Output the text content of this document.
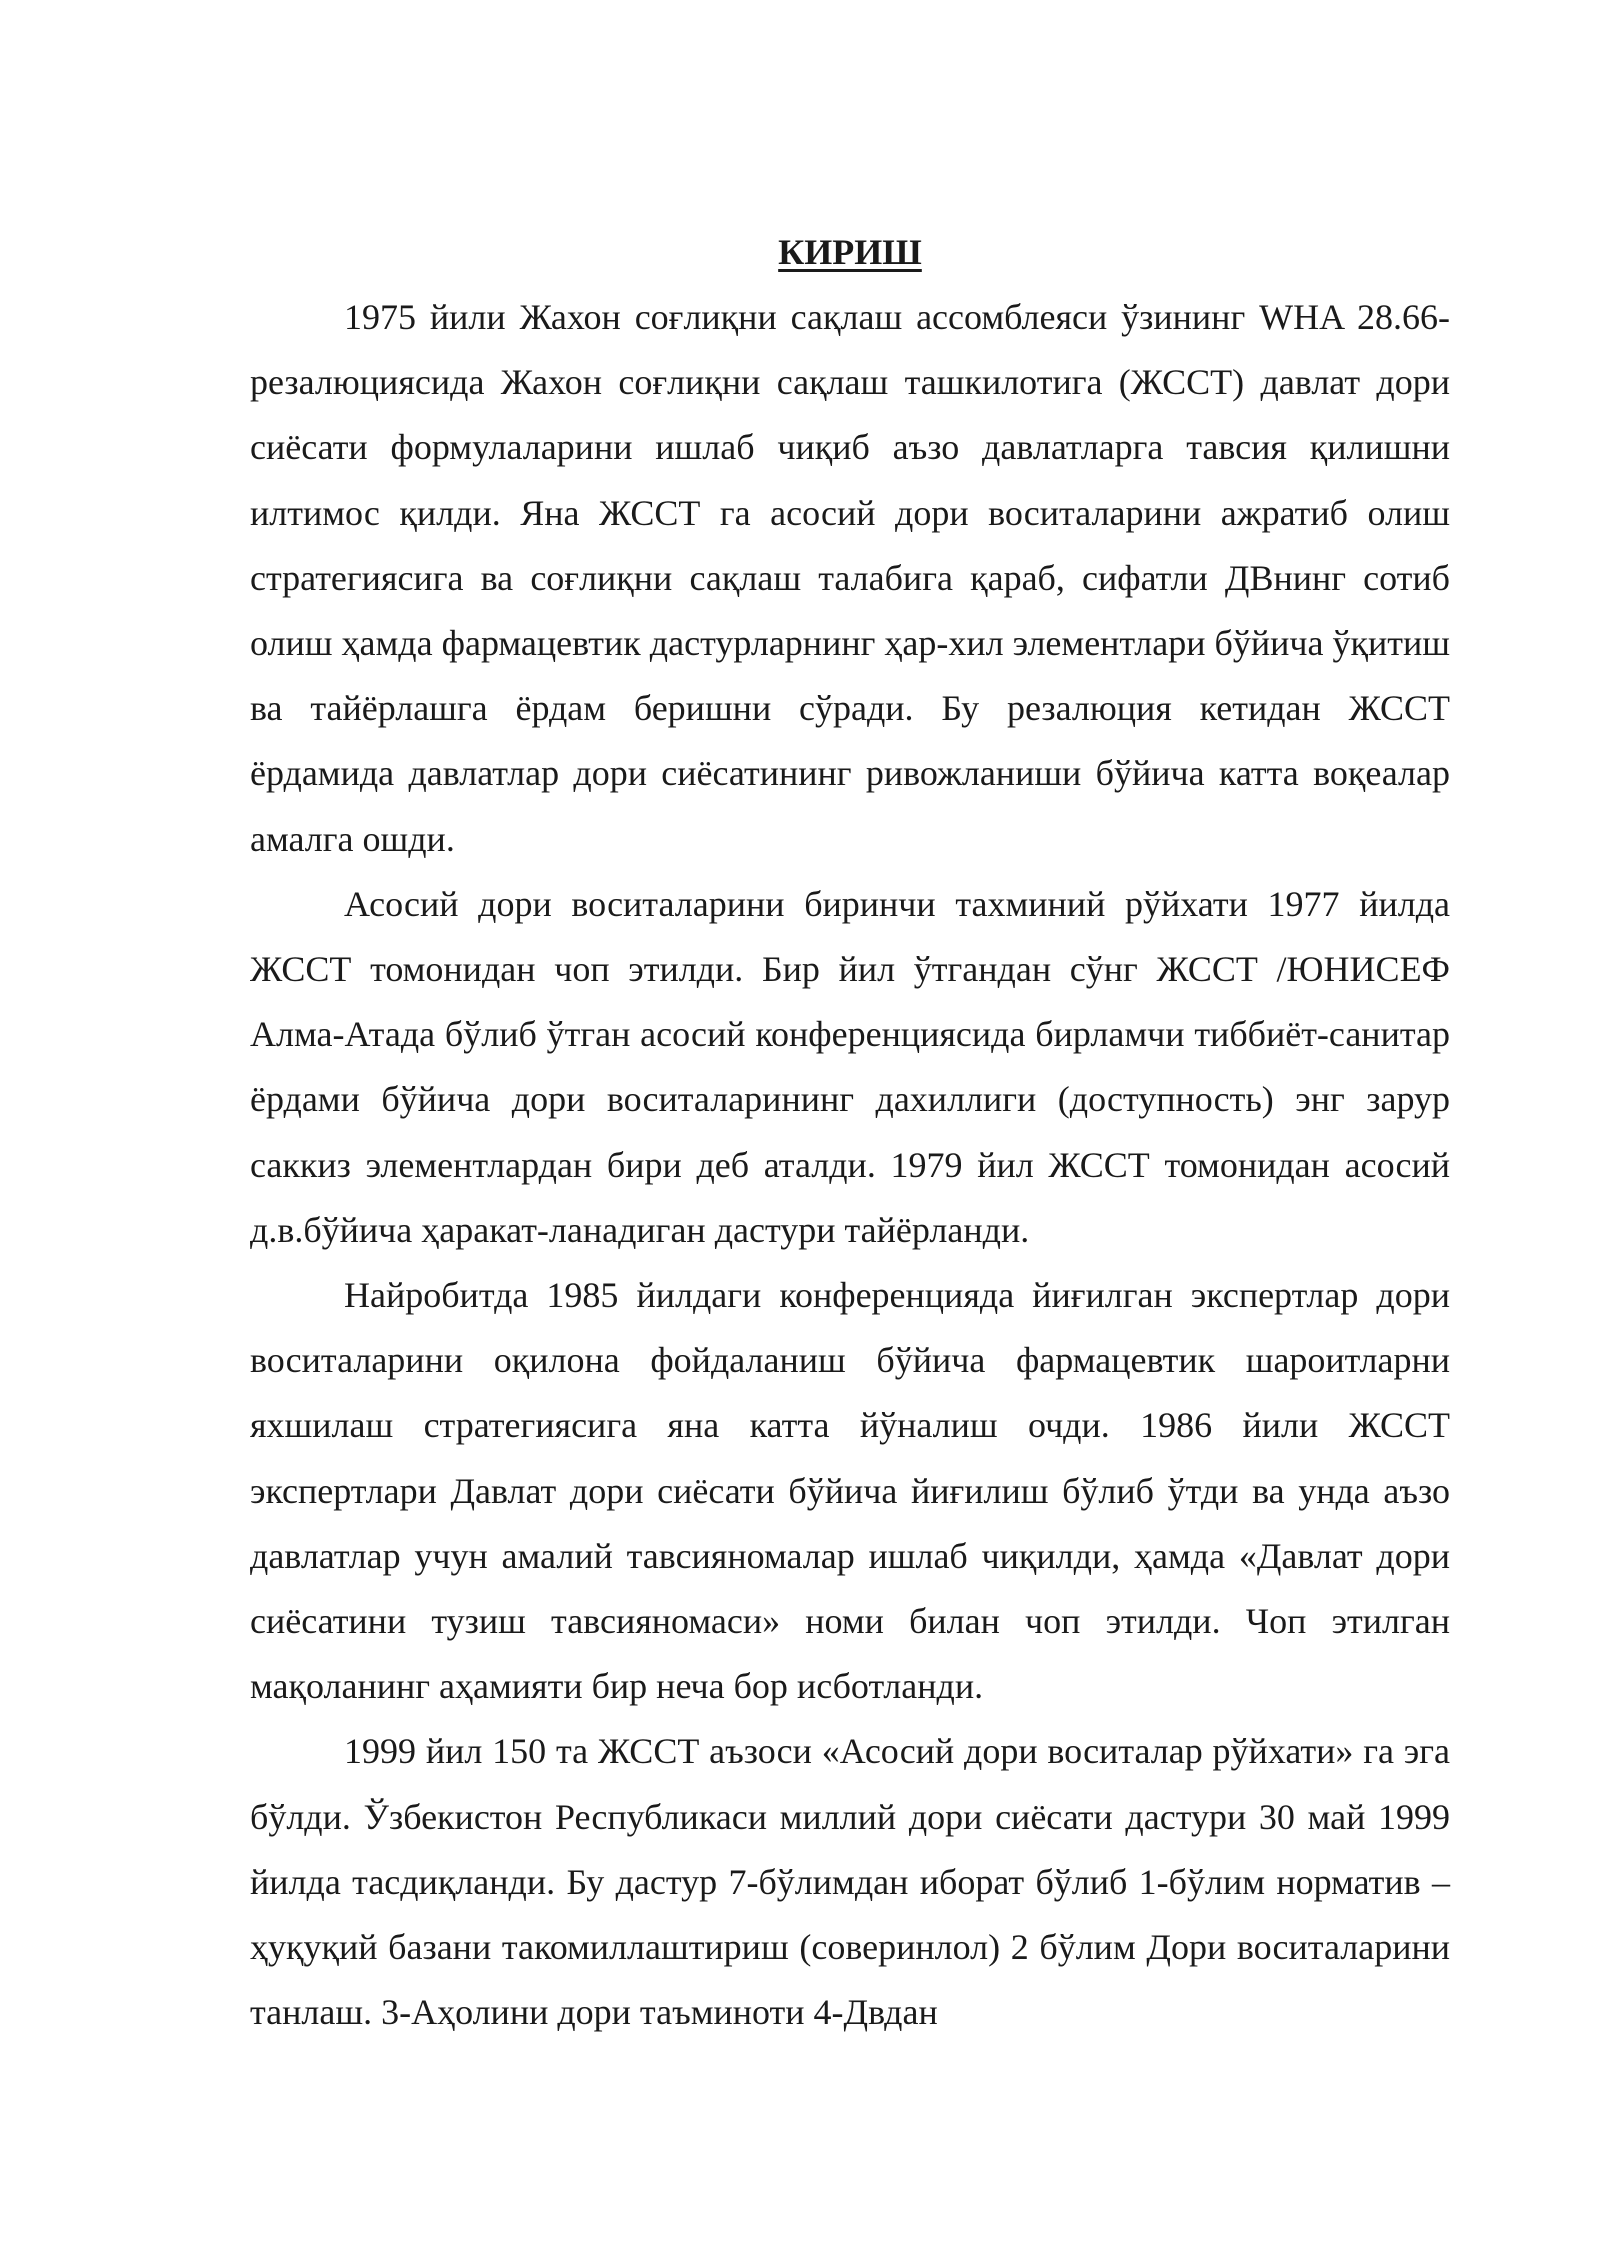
КИРИШ

1975 йили Жахон соғлиқни сақлаш ассомблеяси ўзининг WHA 28.66-резалюциясида Жахон соғлиқни сақлаш ташкилотига (ЖССТ) давлат дори сиёсати формулаларини ишлаб чиқиб аъзо давлатларга тавсия қилишни илтимос қилди. Яна ЖССТ га асосий дори воситаларини ажратиб олиш стратегиясига ва соғлиқни сақлаш талабига қараб, сифатли ДВнинг сотиб олиш ҳамда фармацевтик дастурларнинг ҳар-хил элементлари бўйича ўқитиш ва тайёрлашга ёрдам беришни сўради. Бу резалюция кетидан ЖССТ ёрдамида давлатлар дори сиёсатининг ривожланиши бўйича катта воқеалар амалга ошди.

Асосий дори воситаларини биринчи тахминий рўйхати 1977 йилда ЖССТ томонидан чоп этилди. Бир йил ўтгандан сўнг ЖССТ /ЮНИСЕФ Алма-Атада бўлиб ўтган асосий конференциясида бирламчи тиббиёт-санитар ёрдами бўйича дори воситаларининг дахиллиги (доступность) энг зарур саккиз элементлардан бири деб аталди. 1979 йил ЖССТ томонидан асосий д.в.бўйича ҳаракат-ланадиган дастури тайёрланди.

Найробитда 1985 йилдаги конференцияда йиғилган экспертлар дори воситаларини оқилона фойдаланиш бўйича фармацевтик шароитларни яхшилаш стратегиясига яна катта йўналиш очди. 1986 йили ЖССТ экспертлари Давлат дори сиёсати бўйича йиғилиш бўлиб ўтди ва унда аъзо давлатлар учун амалий тавсияномалар ишлаб чиқилди, ҳамда «Давлат дори сиёсатини тузиш тавсияномаси» номи билан чоп этилди. Чоп этилган мақоланинг аҳамияти бир неча бор исботланди.

1999 йил 150 та ЖССТ аъзоси «Асосий дори воситалар рўйхати» га эга бўлди. Ўзбекистон Республикаси миллий дори сиёсати дастури 30 май 1999 йилда тасдиқланди. Бу дастур 7-бўлимдан иборат бўлиб 1-бўлим норматив –ҳуқуқий базани такомиллаштириш (соверинлол) 2 бўлим Дори воситаларини танлаш. 3-Аҳолини дори таъминоти 4-Двдан
